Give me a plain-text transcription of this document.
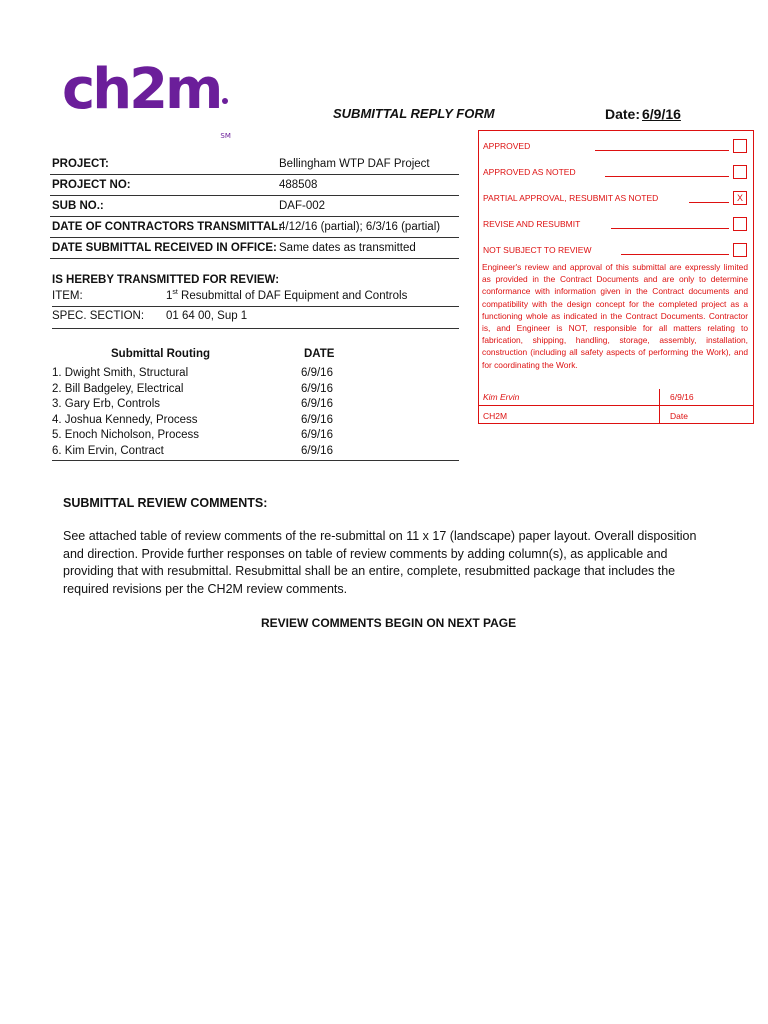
ch2mSM
SUBMITTAL REPLY FORM	Date: 6/9/16
PROJECT:	Bellingham WTP DAF Project
PROJECT NO:	488508
SUB NO.:	DAF-002
DATE OF CONTRACTORS TRANSMITTAL:
4/12/16 (partial); 6/3/16 (partial)
DATE SUBMITTAL RECEIVED IN OFFICE: Same dates as transmitted
IS HEREBY TRANSMITTED FOR REVIEW:
ITEM:	1st Resubmittal of DAF Equipment and Controls
SPEC. SECTION: 01 64 00, Sup 1
Submittal Routing	DATE
1. Dwight Smith, Structural	6/9/16
2. Bill Badgeley, Electrical	6/9/16
3. Gary Erb, Controls	6/9/16
4. Joshua Kennedy, Process	6/9/16
5. Enoch Nicholson, Process	6/9/16
6. Kim Ervin, Contract	6/9/16
APPROVED
APPROVED AS NOTED
PARTIAL APPROVAL, RESUBMIT AS NOTED	X
REVISE AND RESUBMIT
NOT SUBJECT TO REVIEW
Engineer's review and approval of this submittal are expressly limited as provided in the Contract Documents and are only to determine conformance with information given in the Contract documents and compatibility with the design concept for the completed project as a functioning whole as indicated in the Contract Documents. Contractor is, and Engineer is NOT, responsible for all matters relating to fabrication, shipping, handling, storage, assembly, installation, construction (including all safety aspects of performing the Work), and for coordinating the Work.
Kim Ervin	6/9/16
CH2M	Date
SUBMITTAL REVIEW COMMENTS:
See attached table of review comments of the re-submittal on 11 x 17 (landscape) paper layout. Overall disposition and direction. Provide further responses on table of review comments by adding column(s), as applicable and providing that with resubmittal. Resubmittal shall be an entire, complete, resubmitted package that includes the required revisions per the CH2M review comments.
REVIEW COMMENTS BEGIN ON NEXT PAGE
